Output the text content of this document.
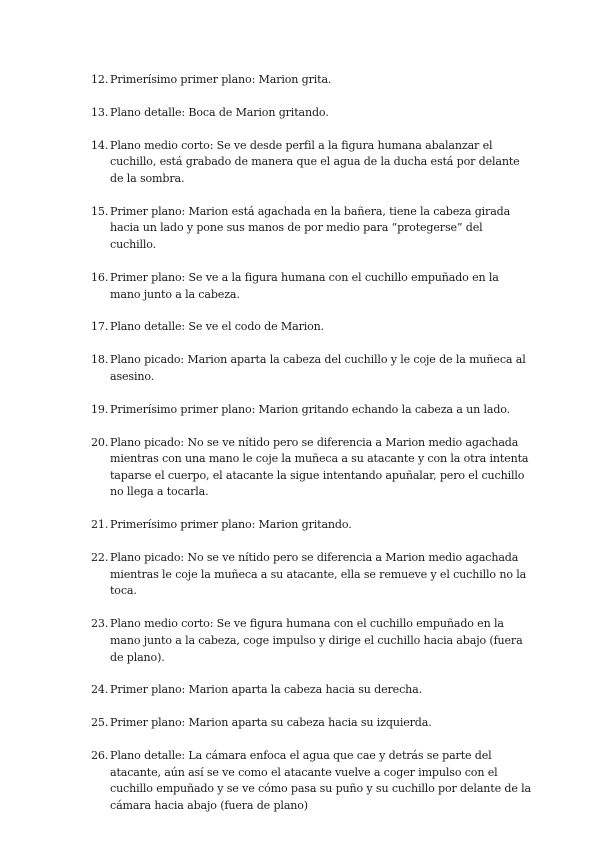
12. Primerísimo primer plano: Marion grita.
13. Plano detalle: Boca de Marion gritando.
14. Plano medio corto: Se ve desde perfil a la figura humana abalanzar el cuchillo, está grabado de manera que el agua de la ducha está por delante de la sombra.
15. Primer plano: Marion está agachada en la bañera, tiene la cabeza girada hacia un lado y pone sus manos de por medio para “protegerse” del cuchillo.
16. Primer plano: Se ve a la figura humana con el cuchillo empuñado en la mano junto a la cabeza.
17. Plano detalle: Se ve el codo de Marion.
18. Plano picado: Marion aparta la cabeza del cuchillo y le coje de la muñeca al asesino.
19. Primerísimo primer plano: Marion gritando echando la cabeza a un lado.
20. Plano picado: No se ve nítido pero se diferencia a Marion medio agachada mientras con una mano le coje la muñeca a su atacante y con la otra intenta taparse el cuerpo, el atacante la sigue intentando apuñalar, pero el cuchillo no llega a tocarla.
21. Primerísimo primer plano: Marion gritando.
22. Plano picado: No se ve nítido pero se diferencia a Marion medio agachada mientras le coje la muñeca a su atacante, ella se remueve y el cuchillo no la toca.
23. Plano medio corto: Se ve figura humana con el cuchillo empuñado en la mano junto a la cabeza, coge impulso y dirige el cuchillo hacia abajo (fuera de plano).
24. Primer plano: Marion aparta la cabeza hacia su derecha.
25. Primer plano: Marion aparta su cabeza hacia su izquierda.
26. Plano detalle: La cámara enfoca el agua que cae y detrás se parte del atacante, aún así se ve como el atacante vuelve a coger impulso con el cuchillo empuñado y se ve cómo pasa su puño y su cuchillo por delante de la cámara hacia abajo (fuera de plano)
